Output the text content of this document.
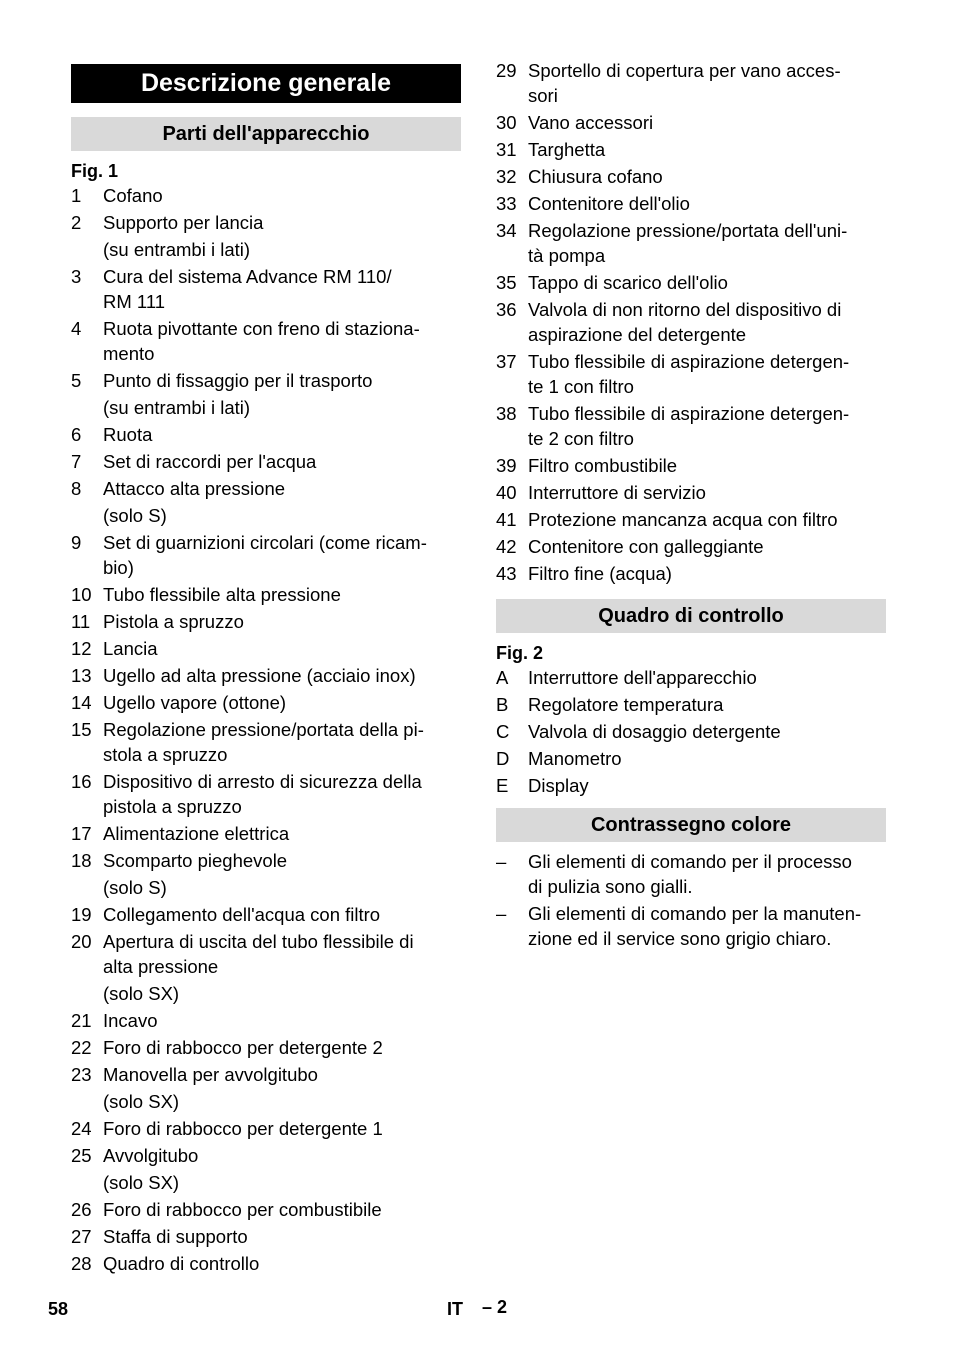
Descrizione generale
Parti dell'apparecchio
Fig. 1
1	Cofano
2	Supporto per lancia
(su entrambi i lati)
3	Cura del sistema Advance RM 110/
RM 111
4	Ruota pivottante con freno di staziona-
mento
5	Punto di fissaggio per il trasporto
(su entrambi i lati)
6	Ruota
7	Set di raccordi per l'acqua
8	Attacco alta pressione
(solo S)
9	Set di guarnizioni circolari (come ricam-
bio)
10 Tubo flessibile alta pressione
11 Pistola a spruzzo
12 Lancia
13 Ugello ad alta pressione (acciaio inox)
14 Ugello vapore (ottone)
15 Regolazione pressione/portata della pi-
stola a spruzzo
16 Dispositivo di arresto di sicurezza della
pistola a spruzzo
17 Alimentazione elettrica
18 Scomparto pieghevole
(solo S)
19 Collegamento dell'acqua con filtro
20 Apertura di uscita del tubo flessibile di
alta pressione
(solo SX)
21 Incavo
22 Foro di rabbocco per detergente 2
23 Manovella per avvolgitubo
(solo SX)
24 Foro di rabbocco per detergente 1
25 Avvolgitubo
(solo SX)
26 Foro di rabbocco per combustibile
27 Staffa di supporto
28 Quadro di controllo
29 Sportello di copertura per vano acces-
sori
30 Vano accessori
31 Targhetta
32 Chiusura cofano
33 Contenitore dell'olio
34 Regolazione pressione/portata dell'uni-
tà pompa
35 Tappo di scarico dell'olio
36 Valvola di non ritorno del dispositivo di
aspirazione del detergente
37 Tubo flessibile di aspirazione detergen-
te 1 con filtro
38 Tubo flessibile di aspirazione detergen-
te 2 con filtro
39 Filtro combustibile
40 Interruttore di servizio
41 Protezione mancanza acqua con filtro
42 Contenitore con galleggiante
43 Filtro fine (acqua)
Quadro di controllo
Fig. 2
A	Interruttore dell'apparecchio
B	Regolatore temperatura
C	Valvola di dosaggio detergente
D	Manometro
E	Display
Contrassegno colore
–	Gli elementi di comando per il processo
di pulizia sono gialli.
–	Gli elementi di comando per la manuten-
zione ed il service sono grigio chiaro.
58	IT – 2
